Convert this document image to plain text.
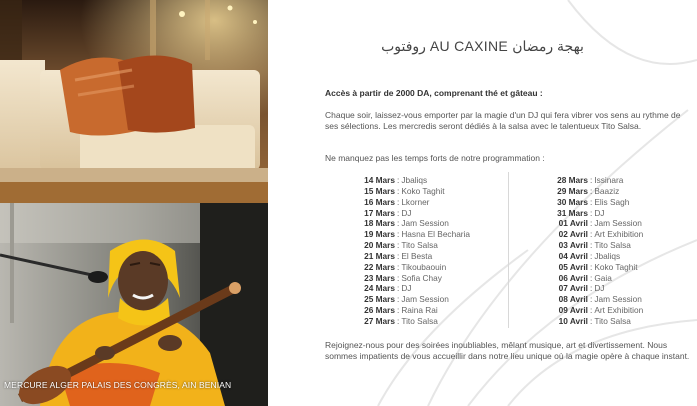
MERCURE ALGER PALAIS DES CONGRÈS, AIN BENIAN
روفتوب AU CAXINE بهجة رمضان
Accès à partir de 2000 DA, comprenant thé et gâteau :
Chaque soir, laissez-vous emporter par la magie d'un DJ qui fera vibrer vos sens au rythme de ses sélections. Les mercredis seront dédiés à la salsa avec le talentueux Tito Salsa.
Ne manquez pas les temps forts de notre programmation :
14 Mars : Jbaliqs
15 Mars : Koko Taghit
16 Mars : Lkorner
17 Mars : DJ
18 Mars : Jam Session
19 Mars : Hasna El Becharia
20 Mars : Tito Salsa
21 Mars : El Besta
22 Mars : Tikoubaouin
23 Mars : Sofia Chay
24 Mars : DJ
25 Mars : Jam Session
26 Mars : Raina Rai
27 Mars : Tito Salsa
28 Mars : Issinara
29 Mars : Baaziz
30 Mars : Elis Sagh
31 Mars : DJ
01 Avril : Jam Session
02 Avril : Art Exhibition
03 Avril : Tito Salsa
04 Avril : Jbaliqs
05 Avril : Koko Taghit
06 Avril : Gaia
07 Avril : DJ
08 Avril : Jam Session
09 Avril : Art Exhibition
10 Avril : Tito Salsa
Rejoignez-nous pour des soirées inoubliables, mêlant musique, art et divertissement. Nous sommes impatients de vous accueillir dans notre lieu unique où la magie opère à chaque instant.
